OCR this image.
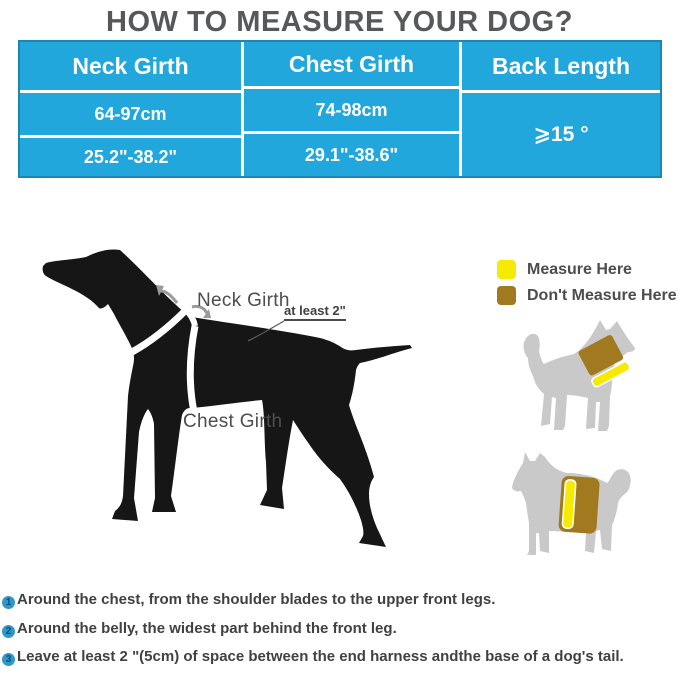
HOW TO MEASURE YOUR DOG?
Neck Girth
64-97cm
25.2"-38.2"
Chest Girth
74-98cm
29.1"-38.6"
Back Length
⩾15 °
Neck Girth
at least 2"
Chest Girth
Measure Here
Don't Measure Here
1 Around the chest, from the shoulder blades to the upper front legs.
2 Around the belly, the widest part behind the front leg.
3 Leave at least 2 "(5cm) of space between the end harness andthe base of a dog's tail.
